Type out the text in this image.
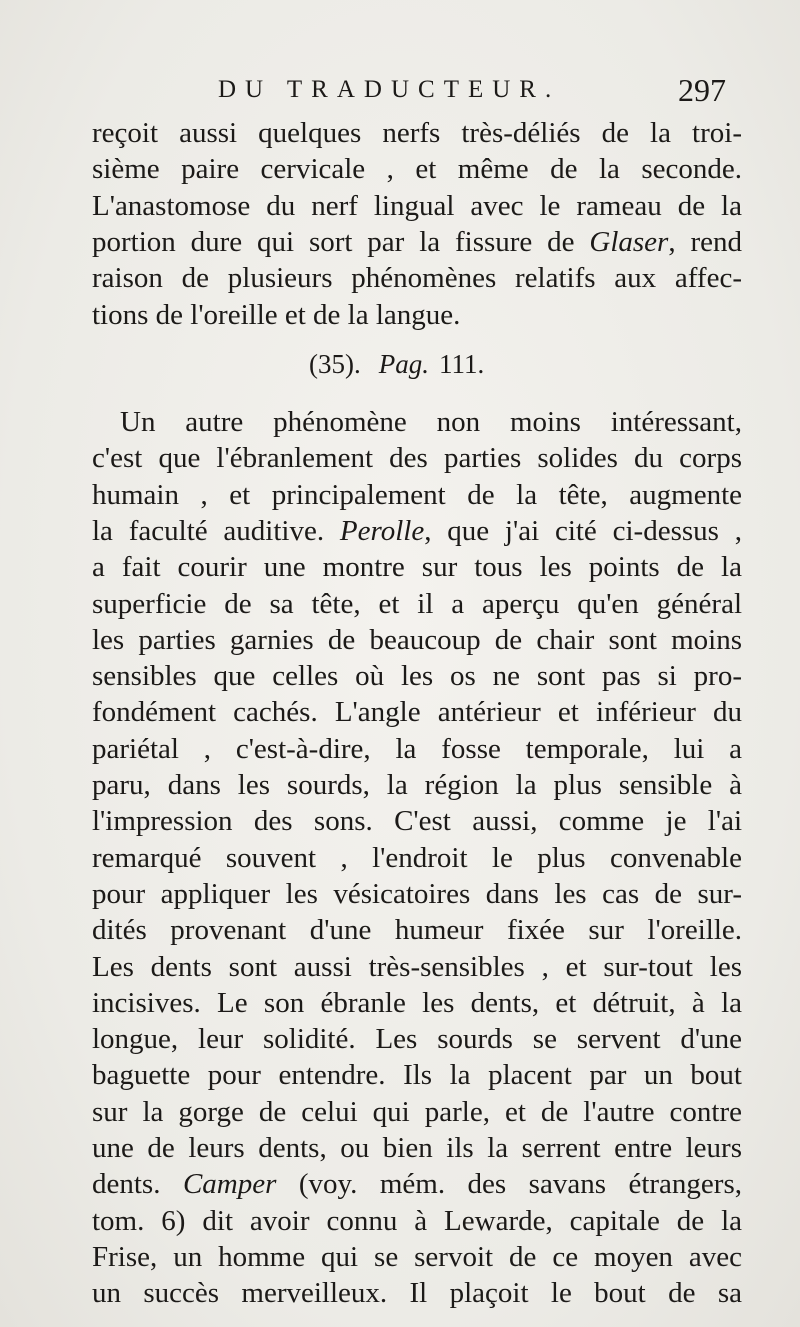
DU TRADUCTEUR.	297
reçoit aussi quelques nerfs très-déliés de la troi-
sième paire cervicale , et même de la seconde.
L'anastomose du nerf lingual avec le rameau de la
portion dure qui sort par la fissure de Glaser, rend
raison de plusieurs phénomènes relatifs aux affec-
tions de l'oreille et de la langue.
(35). Pag. 111.
Un autre phénomène non moins intéressant,
c'est que l'ébranlement des parties solides du corps
humain , et principalement de la tête, augmente
la faculté auditive. Perolle, que j'ai cité ci-dessus ,
a fait courir une montre sur tous les points de la
superficie de sa tête, et il a aperçu qu'en général
les parties garnies de beaucoup de chair sont moins
sensibles que celles où les os ne sont pas si pro-
fondément cachés. L'angle antérieur et inférieur du
pariétal , c'est-à-dire, la fosse temporale, lui a
paru, dans les sourds, la région la plus sensible à
l'impression des sons. C'est aussi, comme je l'ai
remarqué souvent , l'endroit le plus convenable
pour appliquer les vésicatoires dans les cas de sur-
dités provenant d'une humeur fixée sur l'oreille.
Les dents sont aussi très-sensibles , et sur-tout les
incisives. Le son ébranle les dents, et détruit, à la
longue, leur solidité. Les sourds se servent d'une
baguette pour entendre. Ils la placent par un bout
sur la gorge de celui qui parle, et de l'autre contre
une de leurs dents, ou bien ils la serrent entre leurs
dents. Camper (voy. mém. des savans étrangers,
tom. 6) dit avoir connu à Lewarde, capitale de la
Frise, un homme qui se servoit de ce moyen avec
un succès merveilleux. Il plaçoit le bout de sa
